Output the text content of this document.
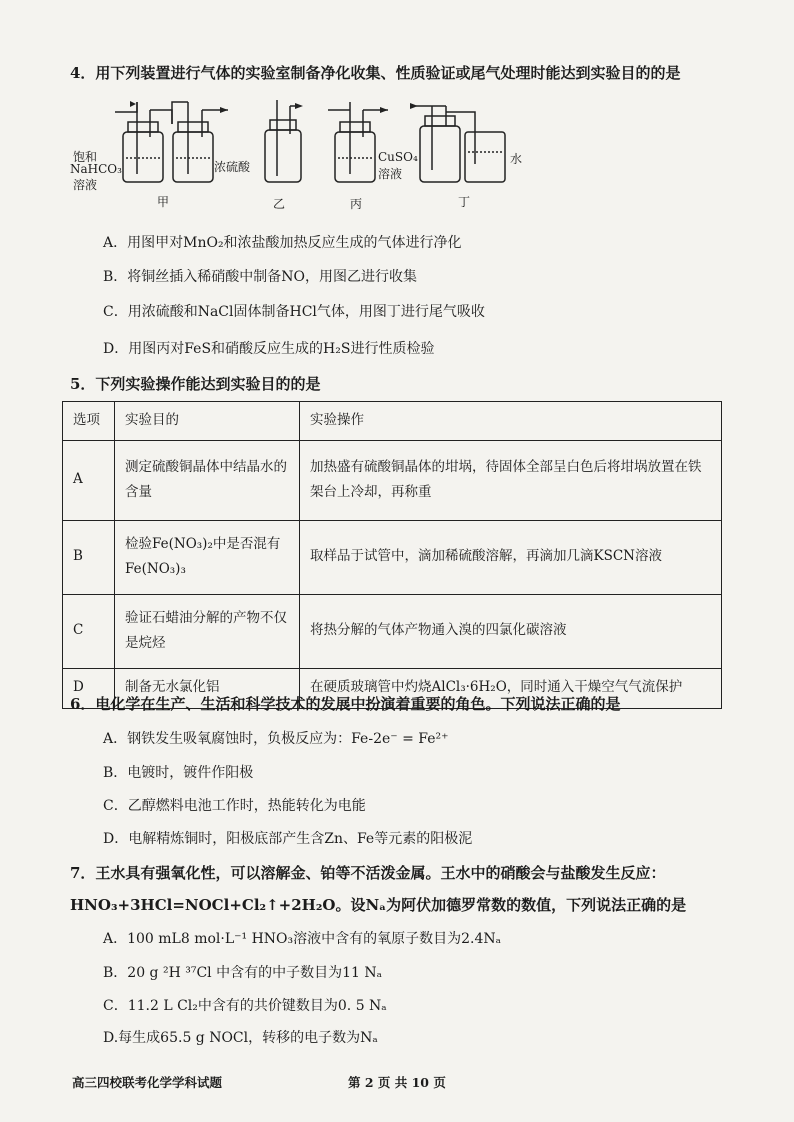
4．用下列装置进行气体的实验室制备净化收集、性质验证或尾气处理时能达到实验目的的是
饱和
NaHCO₃
溶液
浓硫酸
CuSO₄
溶液
水
甲	乙	丙	丁
A．用图甲对MnO₂和浓盐酸加热反应生成的气体进行净化
B．将铜丝插入稀硝酸中制备NO，用图乙进行收集
C．用浓硫酸和NaCl固体制备HCl气体，用图丁进行尾气吸收
D．用图丙对FeS和硝酸反应生成的H₂S进行性质检验
5．下列实验操作能达到实验目的的是
选项	实验目的	实验操作
A	测定硫酸铜晶体中结晶水的含量	加热盛有硫酸铜晶体的坩埚，待固体全部呈白色后将坩埚放置在铁架台上冷却，再称重
B	检验Fe(NO₃)₂中是否混有Fe(NO₃)₃	取样品于试管中，滴加稀硫酸溶解，再滴加几滴KSCN溶液
C	验证石蜡油分解的产物不仅是烷烃	将热分解的气体产物通入溴的四氯化碳溶液
D	制备无水氯化铝	在硬质玻璃管中灼烧AlCl₃·6H₂O，同时通入干燥空气气流保护
6．电化学在生产、生活和科学技术的发展中扮演着重要的角色。下列说法正确的是
A．钢铁发生吸氧腐蚀时，负极反应为：Fe-2e⁻ = Fe²⁺
B．电镀时，镀件作阳极
C．乙醇燃料电池工作时，热能转化为电能
D．电解精炼铜时，阳极底部产生含Zn、Fe等元素的阳极泥
7．王水具有强氧化性，可以溶解金、铂等不活泼金属。王水中的硝酸会与盐酸发生反应：
HNO₃+3HCl=NOCl+Cl₂↑+2H₂O。设Nₐ为阿伏加德罗常数的数值，下列说法正确的是
A．100 mL8 mol·L⁻¹ HNO₃溶液中含有的氧原子数目为2.4Nₐ
B．20 g ²H ³⁷Cl 中含有的中子数目为11 Nₐ
C．11.2 L Cl₂中含有的共价键数目为0. 5 Nₐ
D.每生成65.5 g NOCl，转移的电子数为Nₐ
高三四校联考化学学科试题	第 2 页 共 10 页
